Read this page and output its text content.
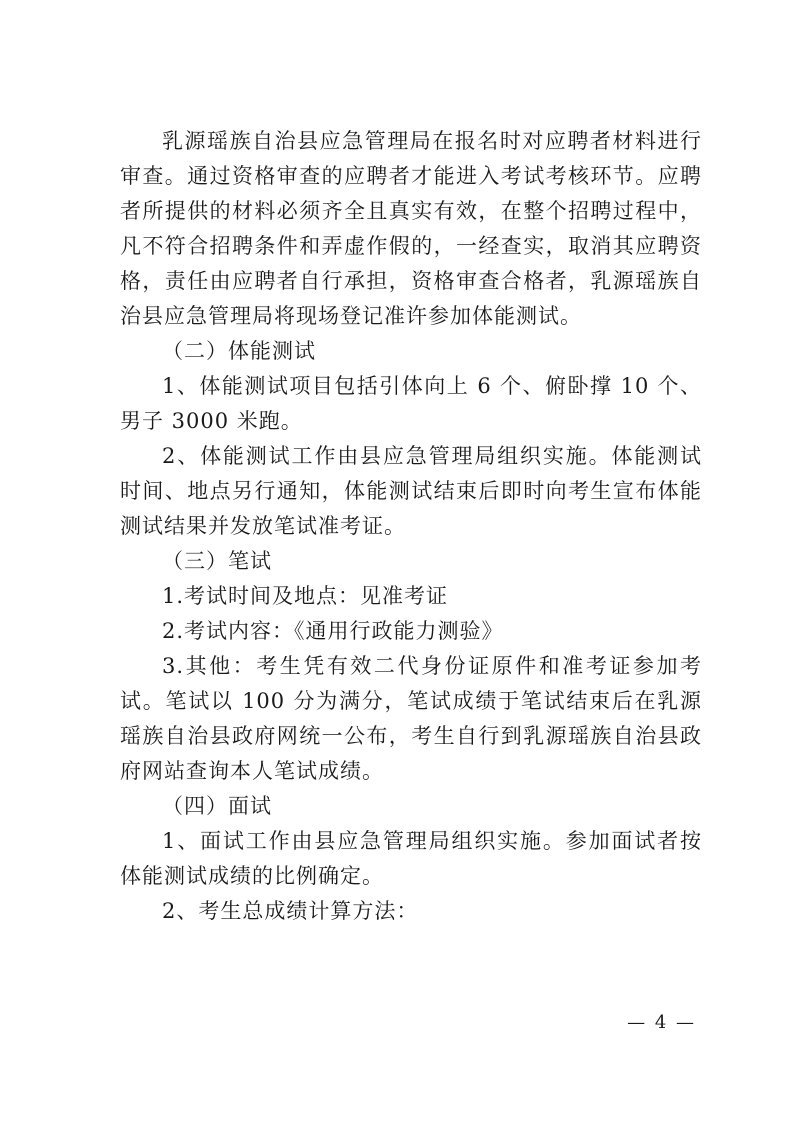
乳源瑶族自治县应急管理局在报名时对应聘者材料进行审查。通过资格审查的应聘者才能进入考试考核环节。应聘者所提供的材料必须齐全且真实有效，在整个招聘过程中，凡不符合招聘条件和弄虚作假的，一经查实，取消其应聘资格，责任由应聘者自行承担，资格审查合格者，乳源瑶族自治县应急管理局将现场登记准许参加体能测试。

（二）体能测试

1、体能测试项目包括引体向上 6 个、俯卧撑 10 个、男子 3000 米跑。

2、体能测试工作由县应急管理局组织实施。体能测试时间、地点另行通知，体能测试结束后即时向考生宣布体能测试结果并发放笔试准考证。

（三）笔试

1.考试时间及地点：见准考证

2.考试内容：《通用行政能力测验》

3.其他：考生凭有效二代身份证原件和准考证参加考试。笔试以 100 分为满分，笔试成绩于笔试结束后在乳源瑶族自治县政府网统一公布，考生自行到乳源瑶族自治县政府网站查询本人笔试成绩。

（四）面试

1、面试工作由县应急管理局组织实施。参加面试者按体能测试成绩的比例确定。

2、考生总成绩计算方法：

— 4 —
